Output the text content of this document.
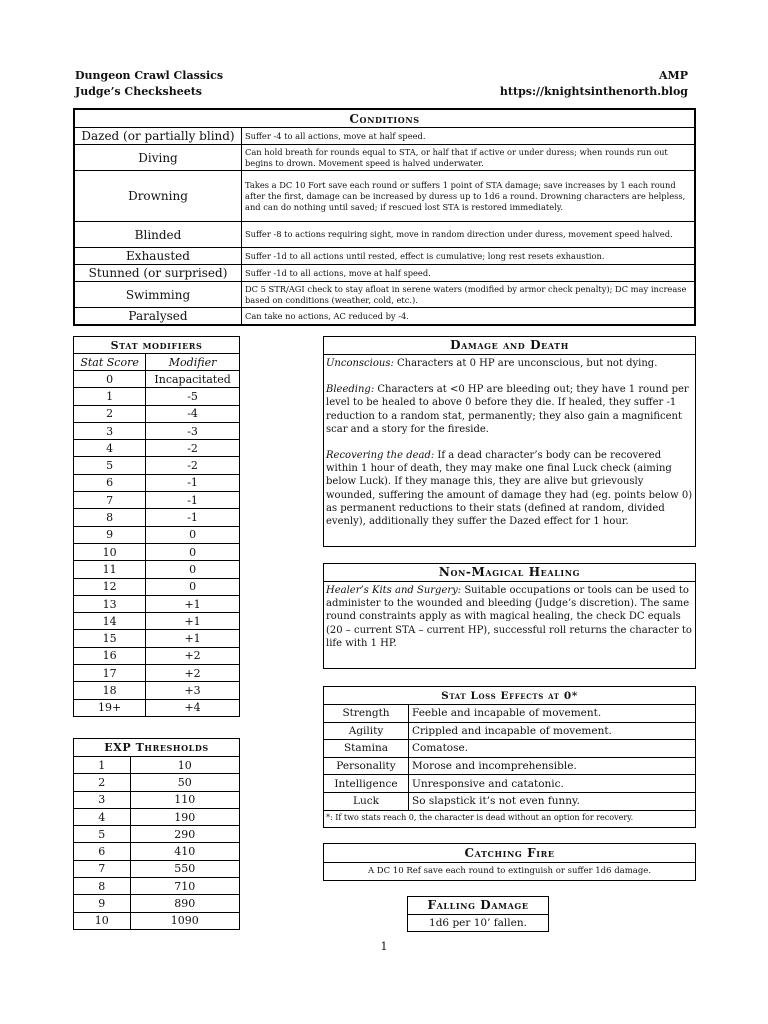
Dungeon Crawl Classics
Judge’s Checksheets
AMP
https://knightsinthenorth.blog
Conditions	
Dazed (or partially blind)	Suffer -4 to all actions, move at half speed.
Diving	Can hold breath for rounds equal to STA, or half that if active or under duress; when rounds run out begins to drown. Movement speed is halved underwater.
Drowning	Takes a DC 10 Fort save each round or suffers 1 point of STA damage; save increases by 1 each round after the first, damage can be increased by duress up to 1d6 a round. Drowning characters are helpless, and can do nothing until saved; if rescued lost STA is restored immediately.
Blinded	Suffer -8 to actions requiring sight, move in random direction under duress, movement speed halved.
Exhausted	Suffer -1d to all actions until rested, effect is cumulative; long rest resets exhaustion.
Stunned (or surprised)	Suffer -1d to all actions, move at half speed.
Swimming	DC 5 STR/AGI check to stay afloat in serene waters (modified by armor check penalty); DC may increase based on conditions (weather, cold, etc.).
Paralysed	Can take no actions, AC reduced by -4.
Stat modifiers	
Stat Score	Modifier
0	Incapacitated
1	-5
2	-4
3	-3
4	-2
5	-2
6	-1
7	-1
8	-1
9	0
10	0
11	0
12	0
13	+1
14	+1
15	+1
16	+2
17	+2
18	+3
19+	+4
EXP Thresholds	
1	10
2	50
3	110
4	190
5	290
6	410
7	550
8	710
9	890
10	1090
Damage and Death
Unconscious: Characters at 0 HP are unconscious, but not dying.
Bleeding: Characters at <0 HP are bleeding out; they have 1 round per level to be healed to above 0 before they die. If healed, they suffer -1 reduction to a random stat, permanently; they also gain a magnificent scar and a story for the fireside.
Recovering the dead: If a dead character’s body can be recovered within 1 hour of death, they may make one final Luck check (aiming below Luck). If they manage this, they are alive but grievously wounded, suffering the amount of damage they had (eg. points below 0) as permanent reductions to their stats (defined at random, divided evenly), additionally they suffer the Dazed effect for 1 hour.
Non-Magical Healing
Healer’s Kits and Surgery: Suitable occupations or tools can be used to administer to the wounded and bleeding (Judge’s discretion). The same round constraints apply as with magical healing, the check DC equals (20 – current STA – current HP), successful roll returns the character to life with 1 HP.
Stat Loss Effects at 0*	
Strength	Feeble and incapable of movement.
Agility	Crippled and incapable of movement.
Stamina	Comatose.
Personality	Morose and incomprehensible.
Intelligence	Unresponsive and catatonic.
Luck	So slapstick it’s not even funny.
*: If two stats reach 0, the character is dead without an option for recovery.
Catching Fire
A DC 10 Ref save each round to extinguish or suffer 1d6 damage.
Falling Damage
1d6 per 10’ fallen.
1
